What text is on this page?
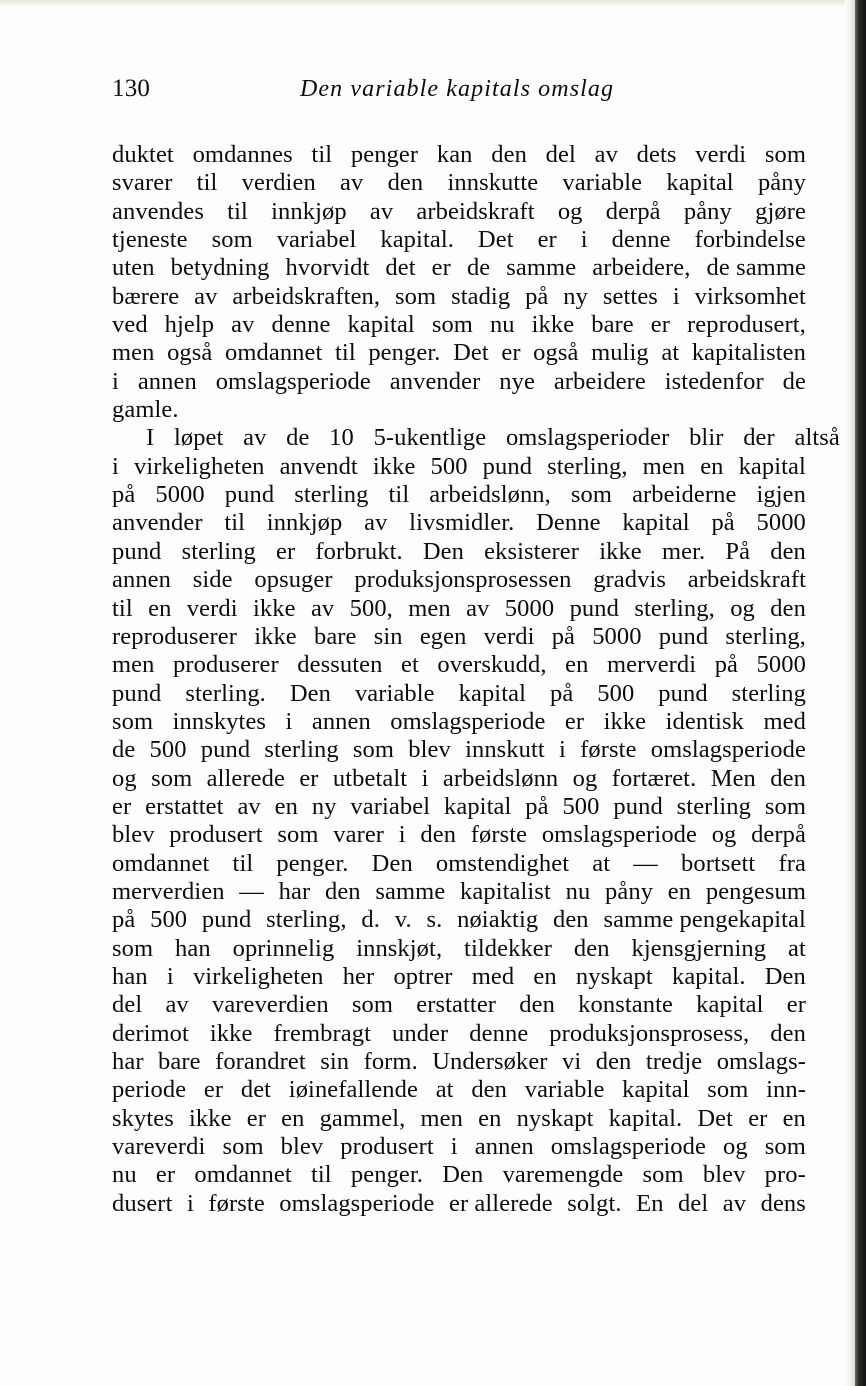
130	Den variable kapitals omslag
duktet omdannes til penger kan den del av dets verdi som
svarer til verdien av den innskutte variable kapital påny
anvendes til innkjøp av arbeidskraft og derpå påny gjøre
tjeneste som variabel kapital. Det er i denne forbindelse
uten betydning hvorvidt det er de samme arbeidere, de samme
bærere av arbeidskraften, som stadig på ny settes i virksomhet
ved hjelp av denne kapital som nu ikke bare er reprodusert,
men også omdannet til penger. Det er også mulig at kapitalisten
i annen omslagsperiode anvender nye arbeidere istedenfor de
gamle.
I løpet av de 10 5-ukentlige omslagsperioder blir der altså
i virkeligheten anvendt ikke 500 pund sterling, men en kapital
på 5000 pund sterling til arbeidslønn, som arbeiderne igjen
anvender til innkjøp av livsmidler. Denne kapital på 5000
pund sterling er forbrukt. Den eksisterer ikke mer. På den
annen side opsuger produksjonsprosessen gradvis arbeidskraft
til en verdi ikke av 500, men av 5000 pund sterling, og den
reproduserer ikke bare sin egen verdi på 5000 pund sterling,
men produserer dessuten et overskudd, en merverdi på 5000
pund sterling. Den variable kapital på 500 pund sterling
som innskytes i annen omslagsperiode er ikke identisk med
de 500 pund sterling som blev innskutt i første omslagsperiode
og som allerede er utbetalt i arbeidslønn og fortæret. Men den
er erstattet av en ny variabel kapital på 500 pund sterling som
blev produsert som varer i den første omslagsperiode og derpå
omdannet til penger. Den omstendighet at — bortsett fra
merverdien — har den samme kapitalist nu påny en pengesum
på 500 pund sterling, d. v. s. nøiaktig den samme pengekapital
som han oprinnelig innskjøt, tildekker den kjensgjerning at
han i virkeligheten her optrer med en nyskapt kapital. Den
del av vareverdien som erstatter den konstante kapital er
derimot ikke frembragt under denne produksjonsprosess, den
har bare forandret sin form. Undersøker vi den tredje omslags-
periode er det iøinefallende at den variable kapital som inn-
skytes ikke er en gammel, men en nyskapt kapital. Det er en
vareverdi som blev produsert i annen omslagsperiode og som
nu er omdannet til penger. Den varemengde som blev pro-
dusert i første omslagsperiode er allerede solgt. En del av dens
